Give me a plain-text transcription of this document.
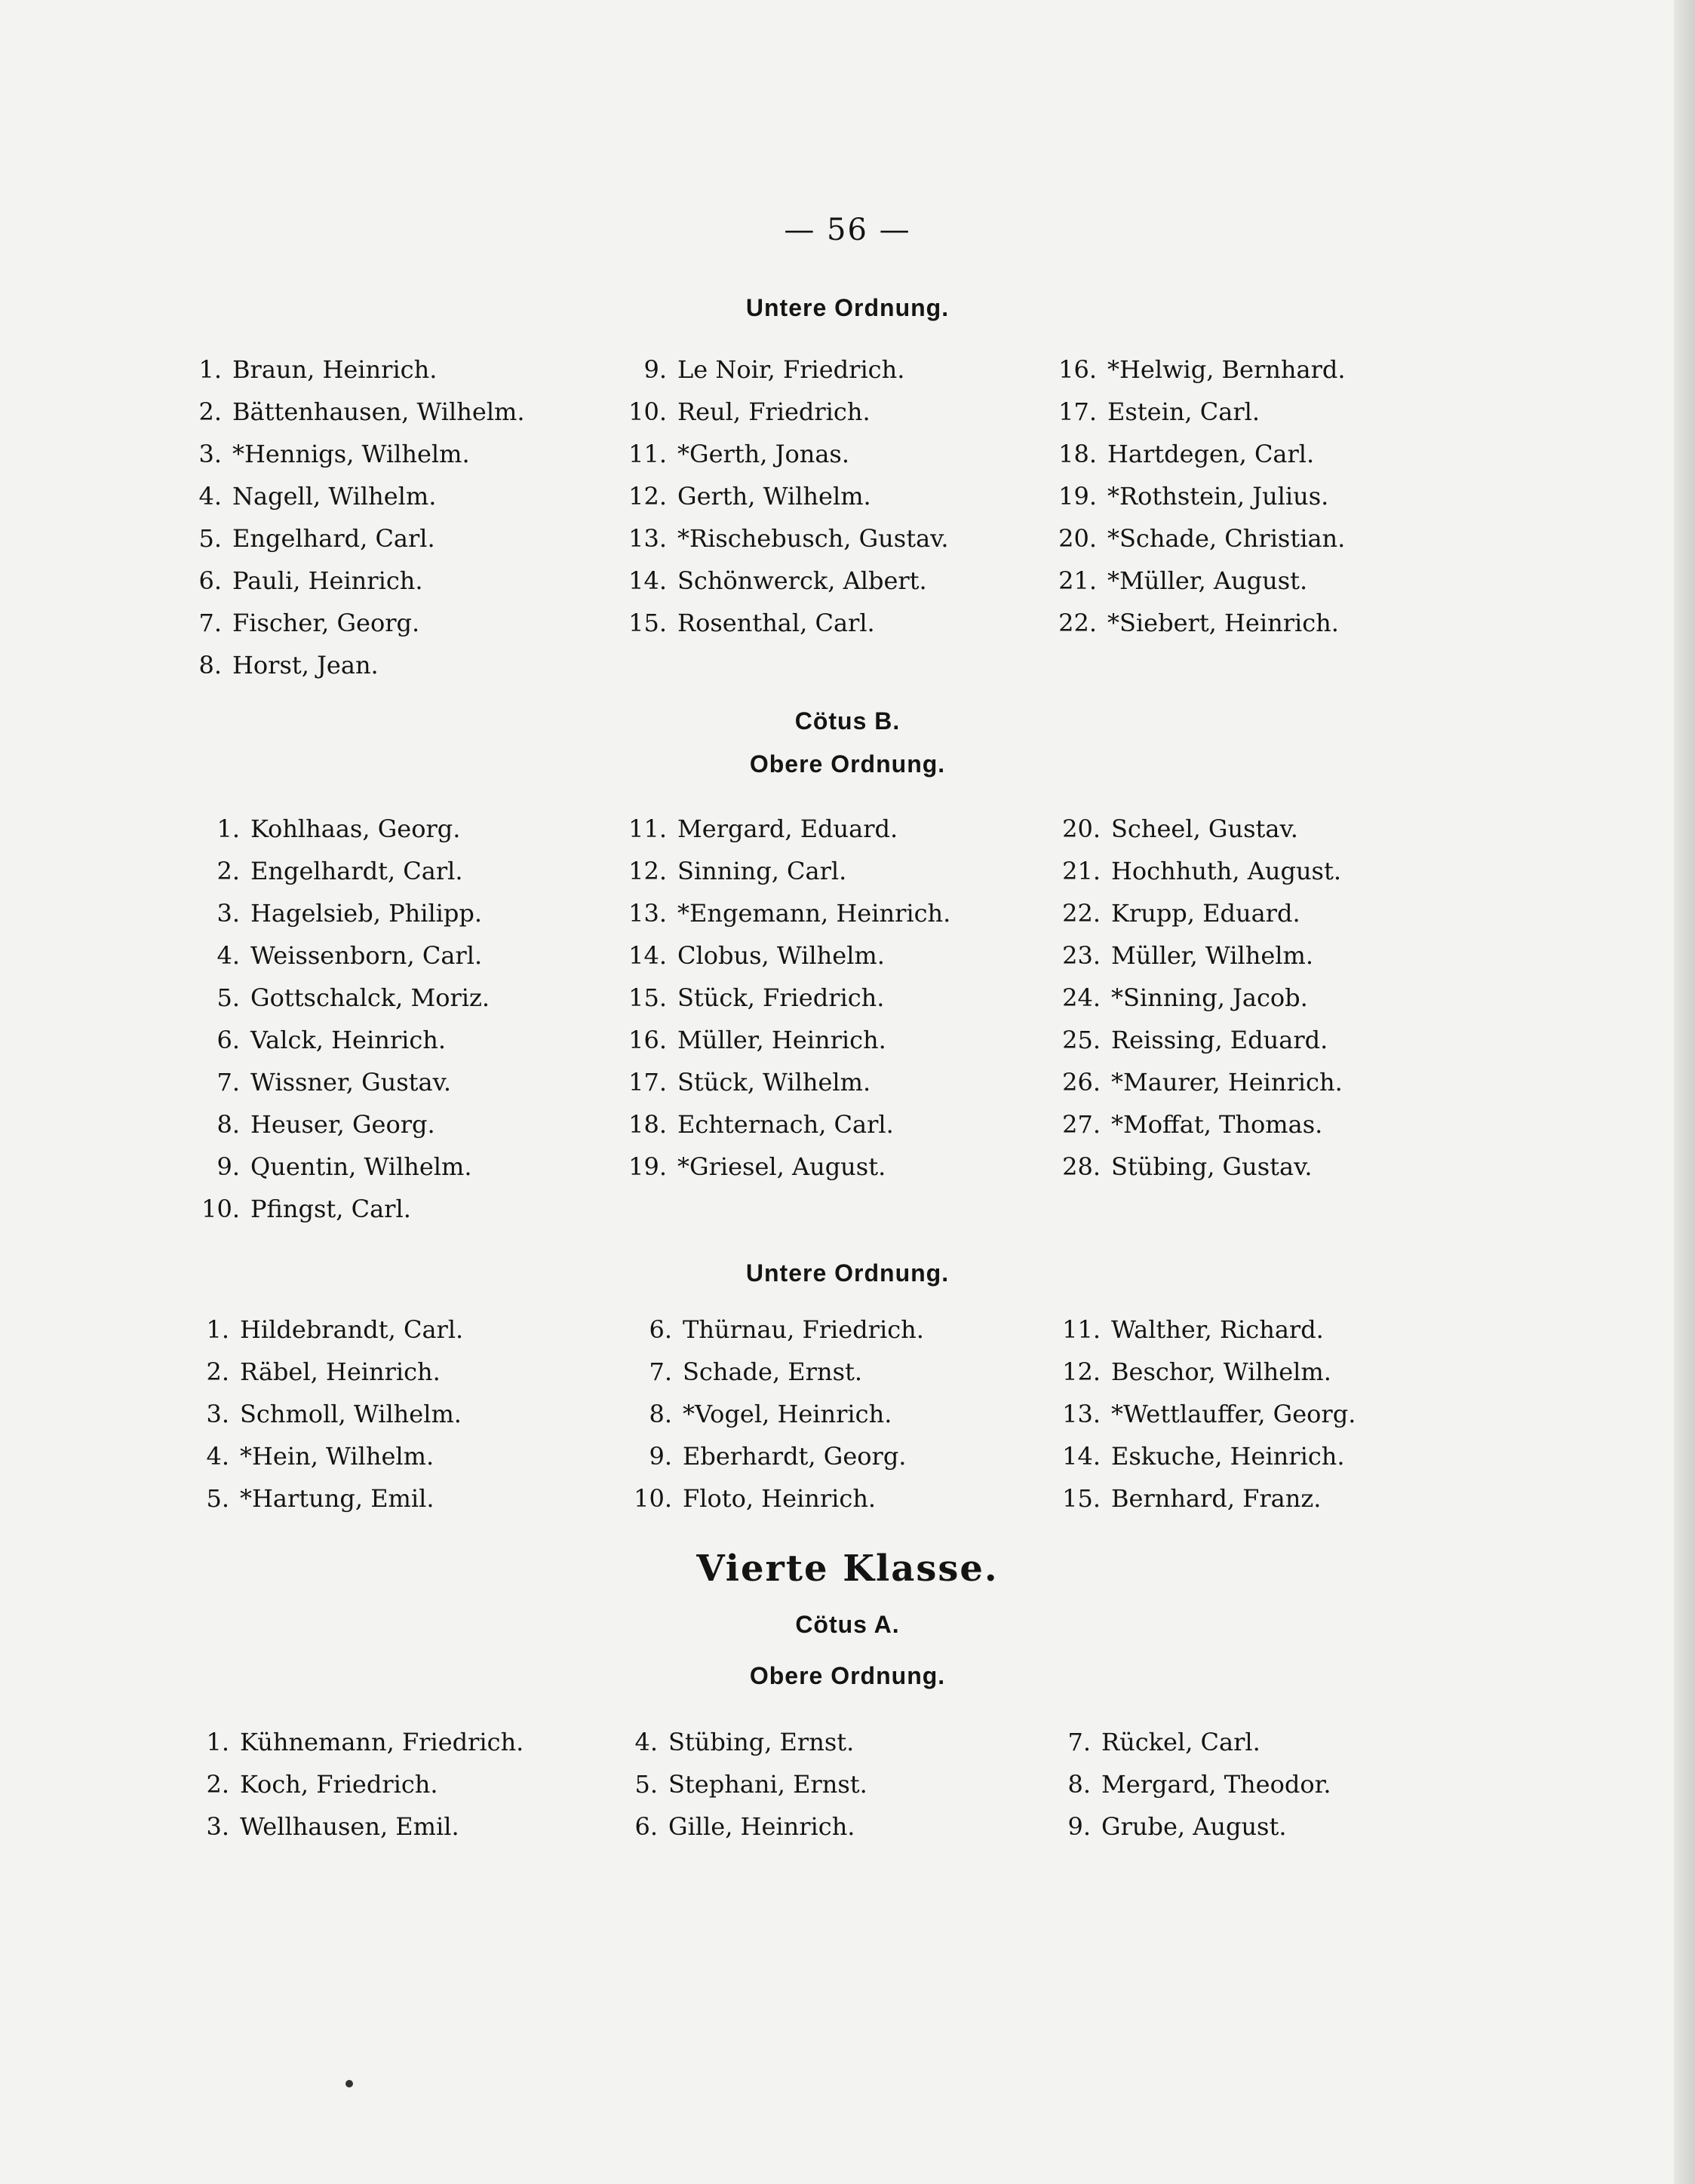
— 56 —
Untere Ordnung.
1. Braun, Heinrich.
2. Bättenhausen, Wilhelm.
3. *Hennigs, Wilhelm.
4. Nagell, Wilhelm.
5. Engelhard, Carl.
6. Pauli, Heinrich.
7. Fischer, Georg.
8. Horst, Jean.
9. Le Noir, Friedrich.
10. Reul, Friedrich.
11. *Gerth, Jonas.
12. Gerth, Wilhelm.
13. *Rischebusch, Gustav.
14. Schönwerck, Albert.
15. Rosenthal, Carl.
16. *Helwig, Bernhard.
17. Estein, Carl.
18. Hartdegen, Carl.
19. *Rothstein, Julius.
20. *Schade, Christian.
21. *Müller, August.
22. *Siebert, Heinrich.
Cötus B.
Obere Ordnung.
1. Kohlhaas, Georg.
2. Engelhardt, Carl.
3. Hagelsieb, Philipp.
4. Weissenborn, Carl.
5. Gottschalck, Moriz.
6. Valck, Heinrich.
7. Wissner, Gustav.
8. Heuser, Georg.
9. Quentin, Wilhelm.
10. Pfingst, Carl.
11. Mergard, Eduard.
12. Sinning, Carl.
13. *Engemann, Heinrich.
14. Clobus, Wilhelm.
15. Stück, Friedrich.
16. Müller, Heinrich.
17. Stück, Wilhelm.
18. Echternach, Carl.
19. *Griesel, August.
20. Scheel, Gustav.
21. Hochhuth, August.
22. Krupp, Eduard.
23. Müller, Wilhelm.
24. *Sinning, Jacob.
25. Reissing, Eduard.
26. *Maurer, Heinrich.
27. *Moffat, Thomas.
28. Stübing, Gustav.
Untere Ordnung.
1. Hildebrandt, Carl.
2. Räbel, Heinrich.
3. Schmoll, Wilhelm.
4. *Hein, Wilhelm.
5. *Hartung, Emil.
6. Thürnau, Friedrich.
7. Schade, Ernst.
8. *Vogel, Heinrich.
9. Eberhardt, Georg.
10. Floto, Heinrich.
11. Walther, Richard.
12. Beschor, Wilhelm.
13. *Wettlauffer, Georg.
14. Eskuche, Heinrich.
15. Bernhard, Franz.
Vierte Klasse.
Cötus A.
Obere Ordnung.
1. Kühnemann, Friedrich.
2. Koch, Friedrich.
3. Wellhausen, Emil.
4. Stübing, Ernst.
5. Stephani, Ernst.
6. Gille, Heinrich.
7. Rückel, Carl.
8. Mergard, Theodor.
9. Grube, August.
